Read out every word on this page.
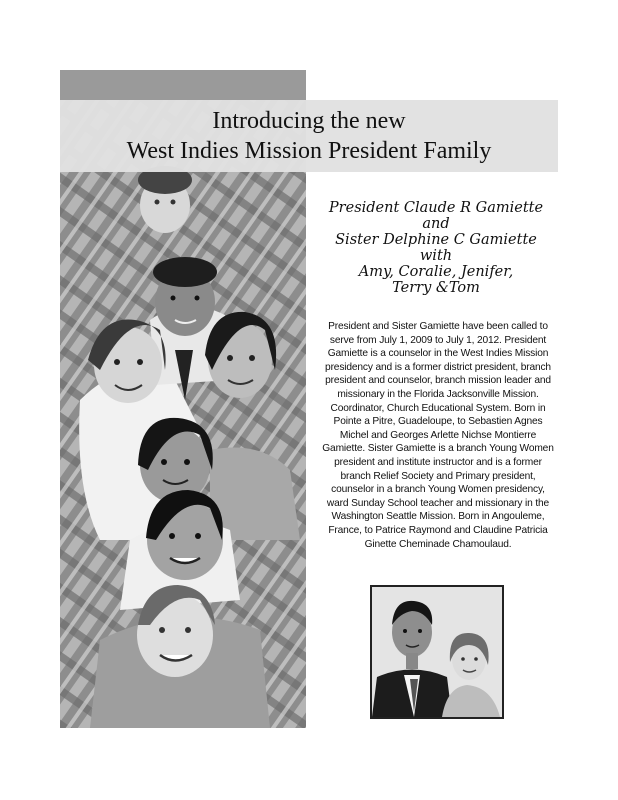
Introducing the new
West Indies Mission President Family
President Claude R Gamiette
and
Sister Delphine C Gamiette
with
Amy, Coralie, Jenifer,
Terry &Tom
President and Sister Gamiette have been called to serve from July 1, 2009 to July 1, 2012. President Gamiette is a counselor in the West Indies Mission presidency and is a former district president, branch president and counselor, branch mission leader and missionary in the Florida Jacksonville Mission. Coordinator, Church Educational System. Born in Pointe a Pitre, Guadeloupe, to Sebastien Agnes Michel and Georges Arlette Nichse Montierre Gamiette. Sister Gamiette is a branch Young Women president and institute instructor and is a former branch Relief Society and Primary president, counselor in a branch Young Women presidency, ward Sunday School teacher and missionary in the Washington Seattle Mission. Born in Angouleme, France, to Patrice Raymond and Claudine Patricia Ginette Cheminade Chamoulaud.
